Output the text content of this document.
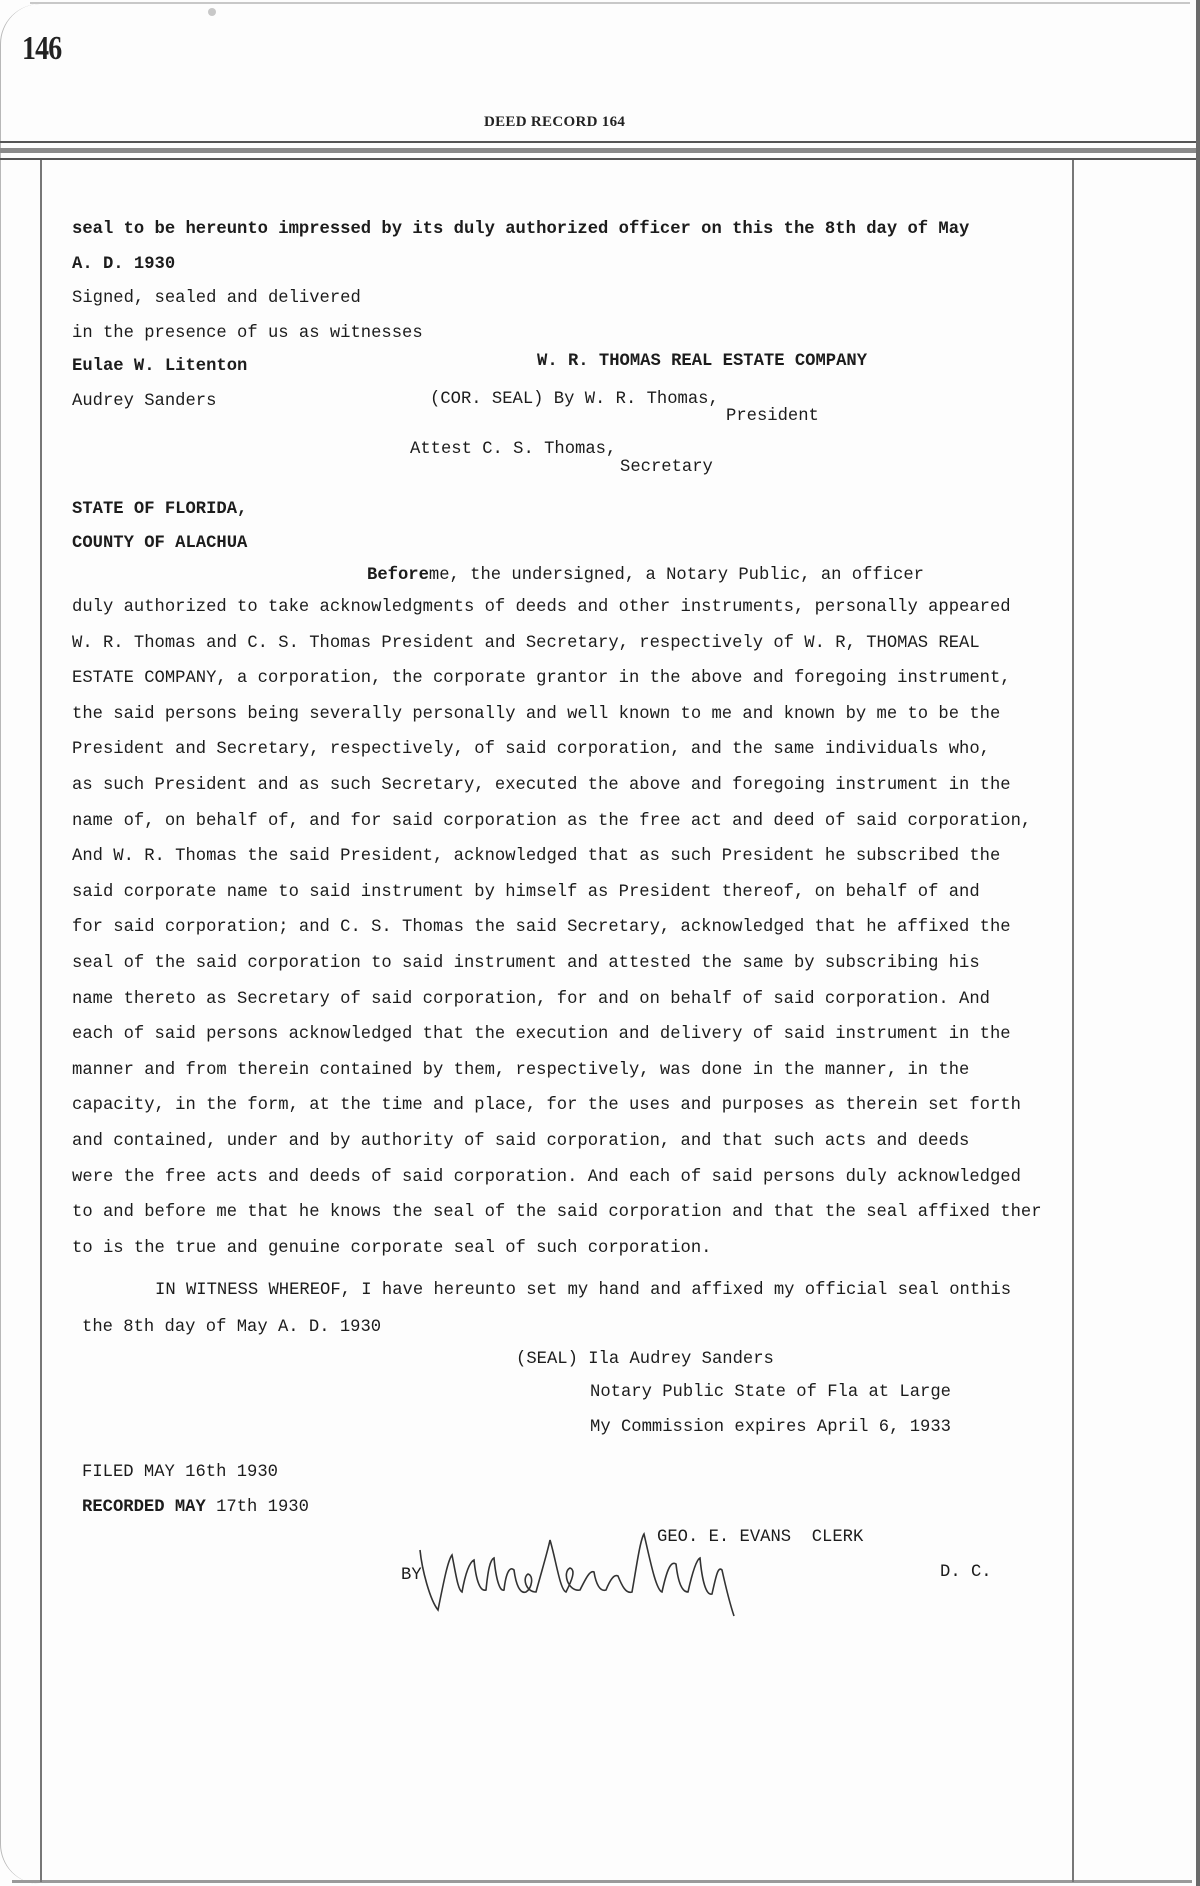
146
DEED RECORD 164
seal to be hereunto impressed by its duly authorized officer on this the 8th day of May
A. D. 1930
Signed, sealed and delivered
in the presence of us as witnesses
Eulae W. Litenton
Audrey Sanders
W. R. THOMAS REAL ESTATE COMPANY
(COR. SEAL) By W. R. Thomas,
President
Attest C. S. Thomas,
Secretary
STATE OF FLORIDA,
COUNTY OF ALACHUA
Beforeme, the undersigned, a Notary Public, an officer
duly authorized to take acknowledgments of deeds and other instruments, personally appeared
W. R. Thomas and C. S. Thomas President and Secretary, respectively of W. R, THOMAS REAL
ESTATE COMPANY, a corporation, the corporate grantor in the above and foregoing instrument,
the said persons being severally personally and well known to me and known by me to be the
President and Secretary, respectively, of said corporation, and the same individuals who,
as such President and as such Secretary, executed the above and foregoing instrument in the
name of, on behalf of, and for said corporation as the free act and deed of said corporation,
And W. R. Thomas the said President, acknowledged that as such President he subscribed the
said corporate name to said instrument by himself as President thereof, on behalf of and
for said corporation; and C. S. Thomas the said Secretary, acknowledged that he affixed the
seal of the said corporation to said instrument and attested the same by subscribing his
name thereto as Secretary of said corporation, for and on behalf of said corporation. And
each of said persons acknowledged that the execution and delivery of said instrument in the
manner and from therein contained by them, respectively, was done in the manner, in the
capacity, in the form, at the time and place, for the uses and purposes as therein set forth
and contained, under and by authority of said corporation, and that such acts and deeds
were the free acts and deeds of said corporation. And each of said persons duly acknowledged
to and before me that he knows the seal of the said corporation and that the seal affixed ther
to is the true and genuine corporate seal of such corporation.
IN WITNESS WHEREOF, I have hereunto set my hand and affixed my official seal onthis
the 8th day of May A. D. 1930
(SEAL) Ila Audrey Sanders
Notary Public State of Fla at Large
My Commission expires April 6, 1933
FILED MAY 16th 1930
RECORDED MAY 17th 1930
GEO. E. EVANS  CLERK
BY	D. C.
